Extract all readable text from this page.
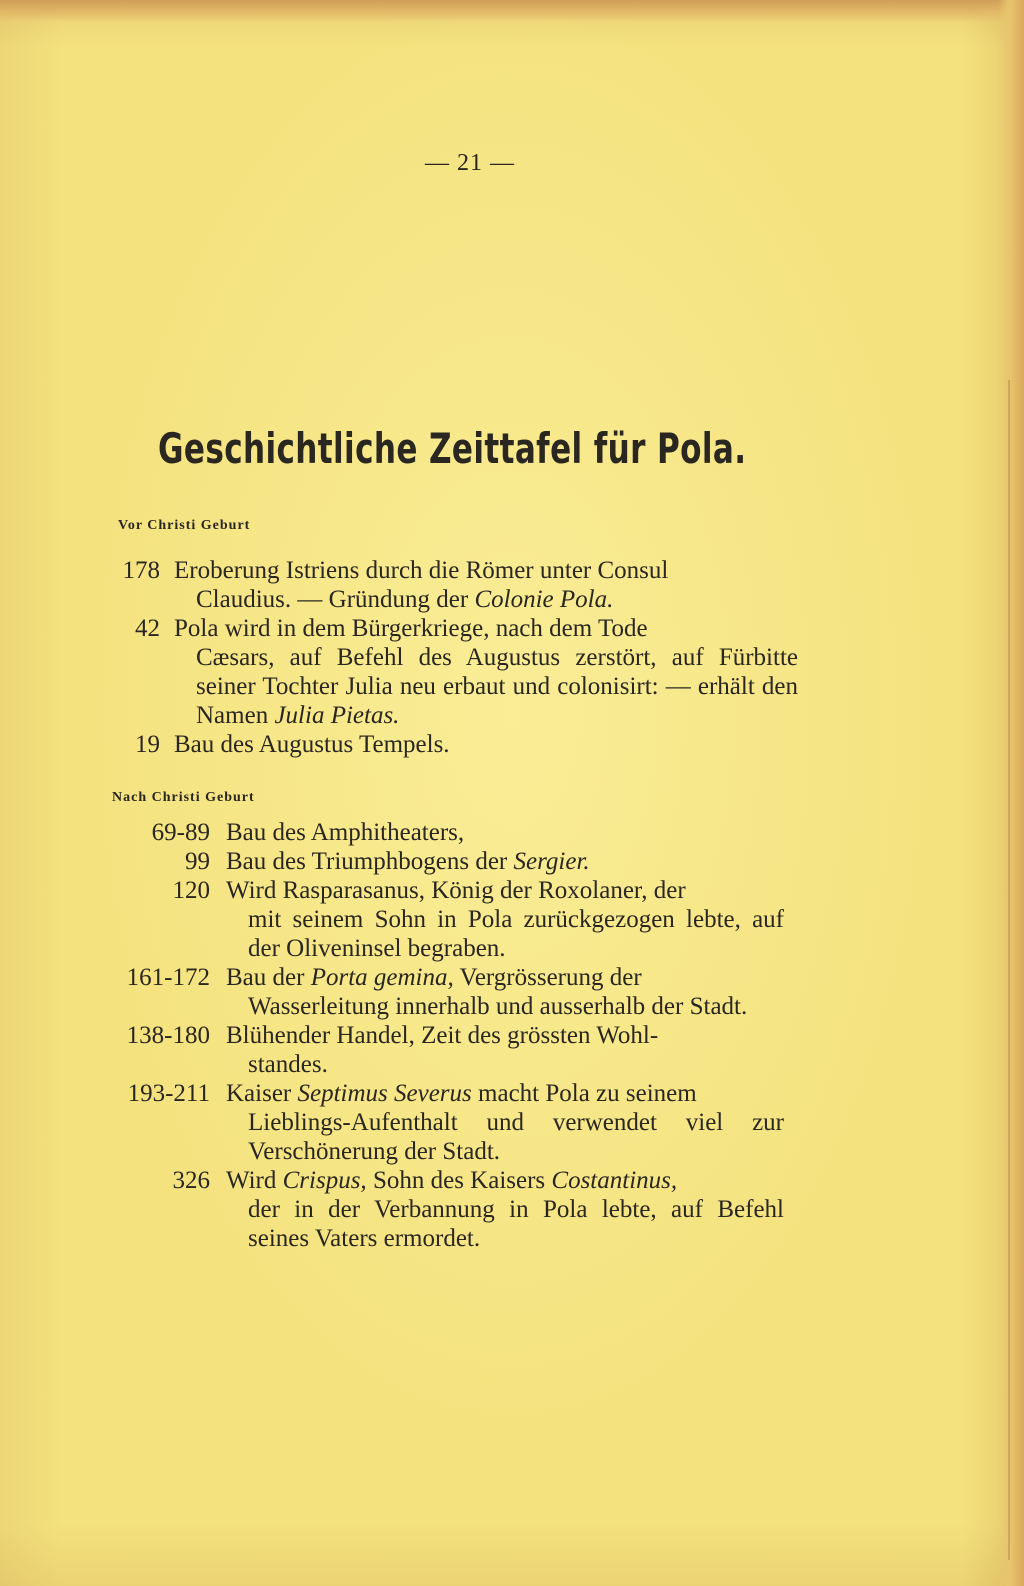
— 21 —
Geschichtliche Zeittafel für Pola.
Vor Christi Geburt
178 Eroberung Istriens durch die Römer unter Consul

Claudius. — Gründung der Colonie Pola.

42 Pola wird in dem Bürgerkriege, nach dem Tode

Cæsars, auf Befehl des Augustus zerstört, auf Fürbitte seiner Tochter Julia neu erbaut und colonisirt: — erhält den Namen Julia Pietas.

19 Bau des Augustus Tempels.

Nach Christi Geburt
69-89 Bau des Amphitheaters,

99 Bau des Triumphbogens der Sergier.

120 Wird Rasparasanus, König der Roxolaner, der

mit seinem Sohn in Pola zurückgezogen lebte, auf der Oliveninsel begraben.

161-172 Bau der Porta gemina, Vergrösserung der

Wasserleitung innerhalb und ausserhalb der Stadt.

138-180 Blühender Handel, Zeit des grössten Wohl-

standes.

193-211 Kaiser Septimus Severus macht Pola zu seinem

Lieblings-Aufenthalt und verwendet viel zur Verschönerung der Stadt.

326 Wird Crispus, Sohn des Kaisers Costantinus,

der in der Verbannung in Pola lebte, auf Befehl seines Vaters ermordet.
